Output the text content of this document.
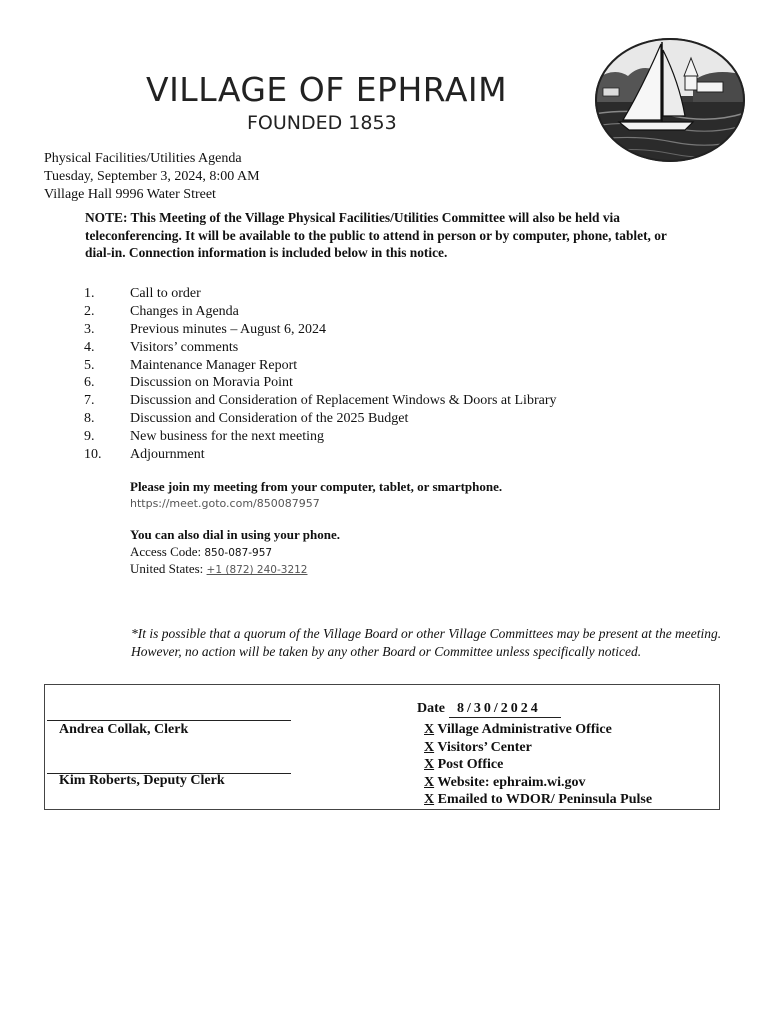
VILLAGE OF EPHRAIM
FOUNDED 1853
Physical Facilities/Utilities Agenda
Tuesday, September 3, 2024, 8:00 AM
Village Hall 9996 Water Street
NOTE: This Meeting of the Village Physical Facilities/Utilities Committee will also be held via teleconferencing. It will be available to the public to attend in person or by computer, phone, tablet, or dial-in. Connection information is included below in this notice.
1.	Call to order
2.	Changes in Agenda
3.	Previous minutes – August 6, 2024
4.	Visitors’ comments
5.	Maintenance Manager Report
6.	Discussion on Moravia Point
7.	Discussion and Consideration of Replacement Windows & Doors at Library
8.	Discussion and Consideration of the 2025 Budget
9.	New business for the next meeting
10. Adjournment
Please join my meeting from your computer, tablet, or smartphone.
https://meet.goto.com/850087957
You can also dial in using your phone.
Access Code: 850-087-957
United States: +1 (872) 240-3212
*It is possible that a quorum of the Village Board or other Village Committees may be present at the meeting. However, no action will be taken by any other Board or Committee unless specifically noticed.
Andrea Collak, Clerk
Kim Roberts, Deputy Clerk
Date 8/30/2024
X Village Administrative Office
X Visitors’ Center
X Post Office
X Website: ephraim.wi.gov
X Emailed to WDOR/ Peninsula Pulse
